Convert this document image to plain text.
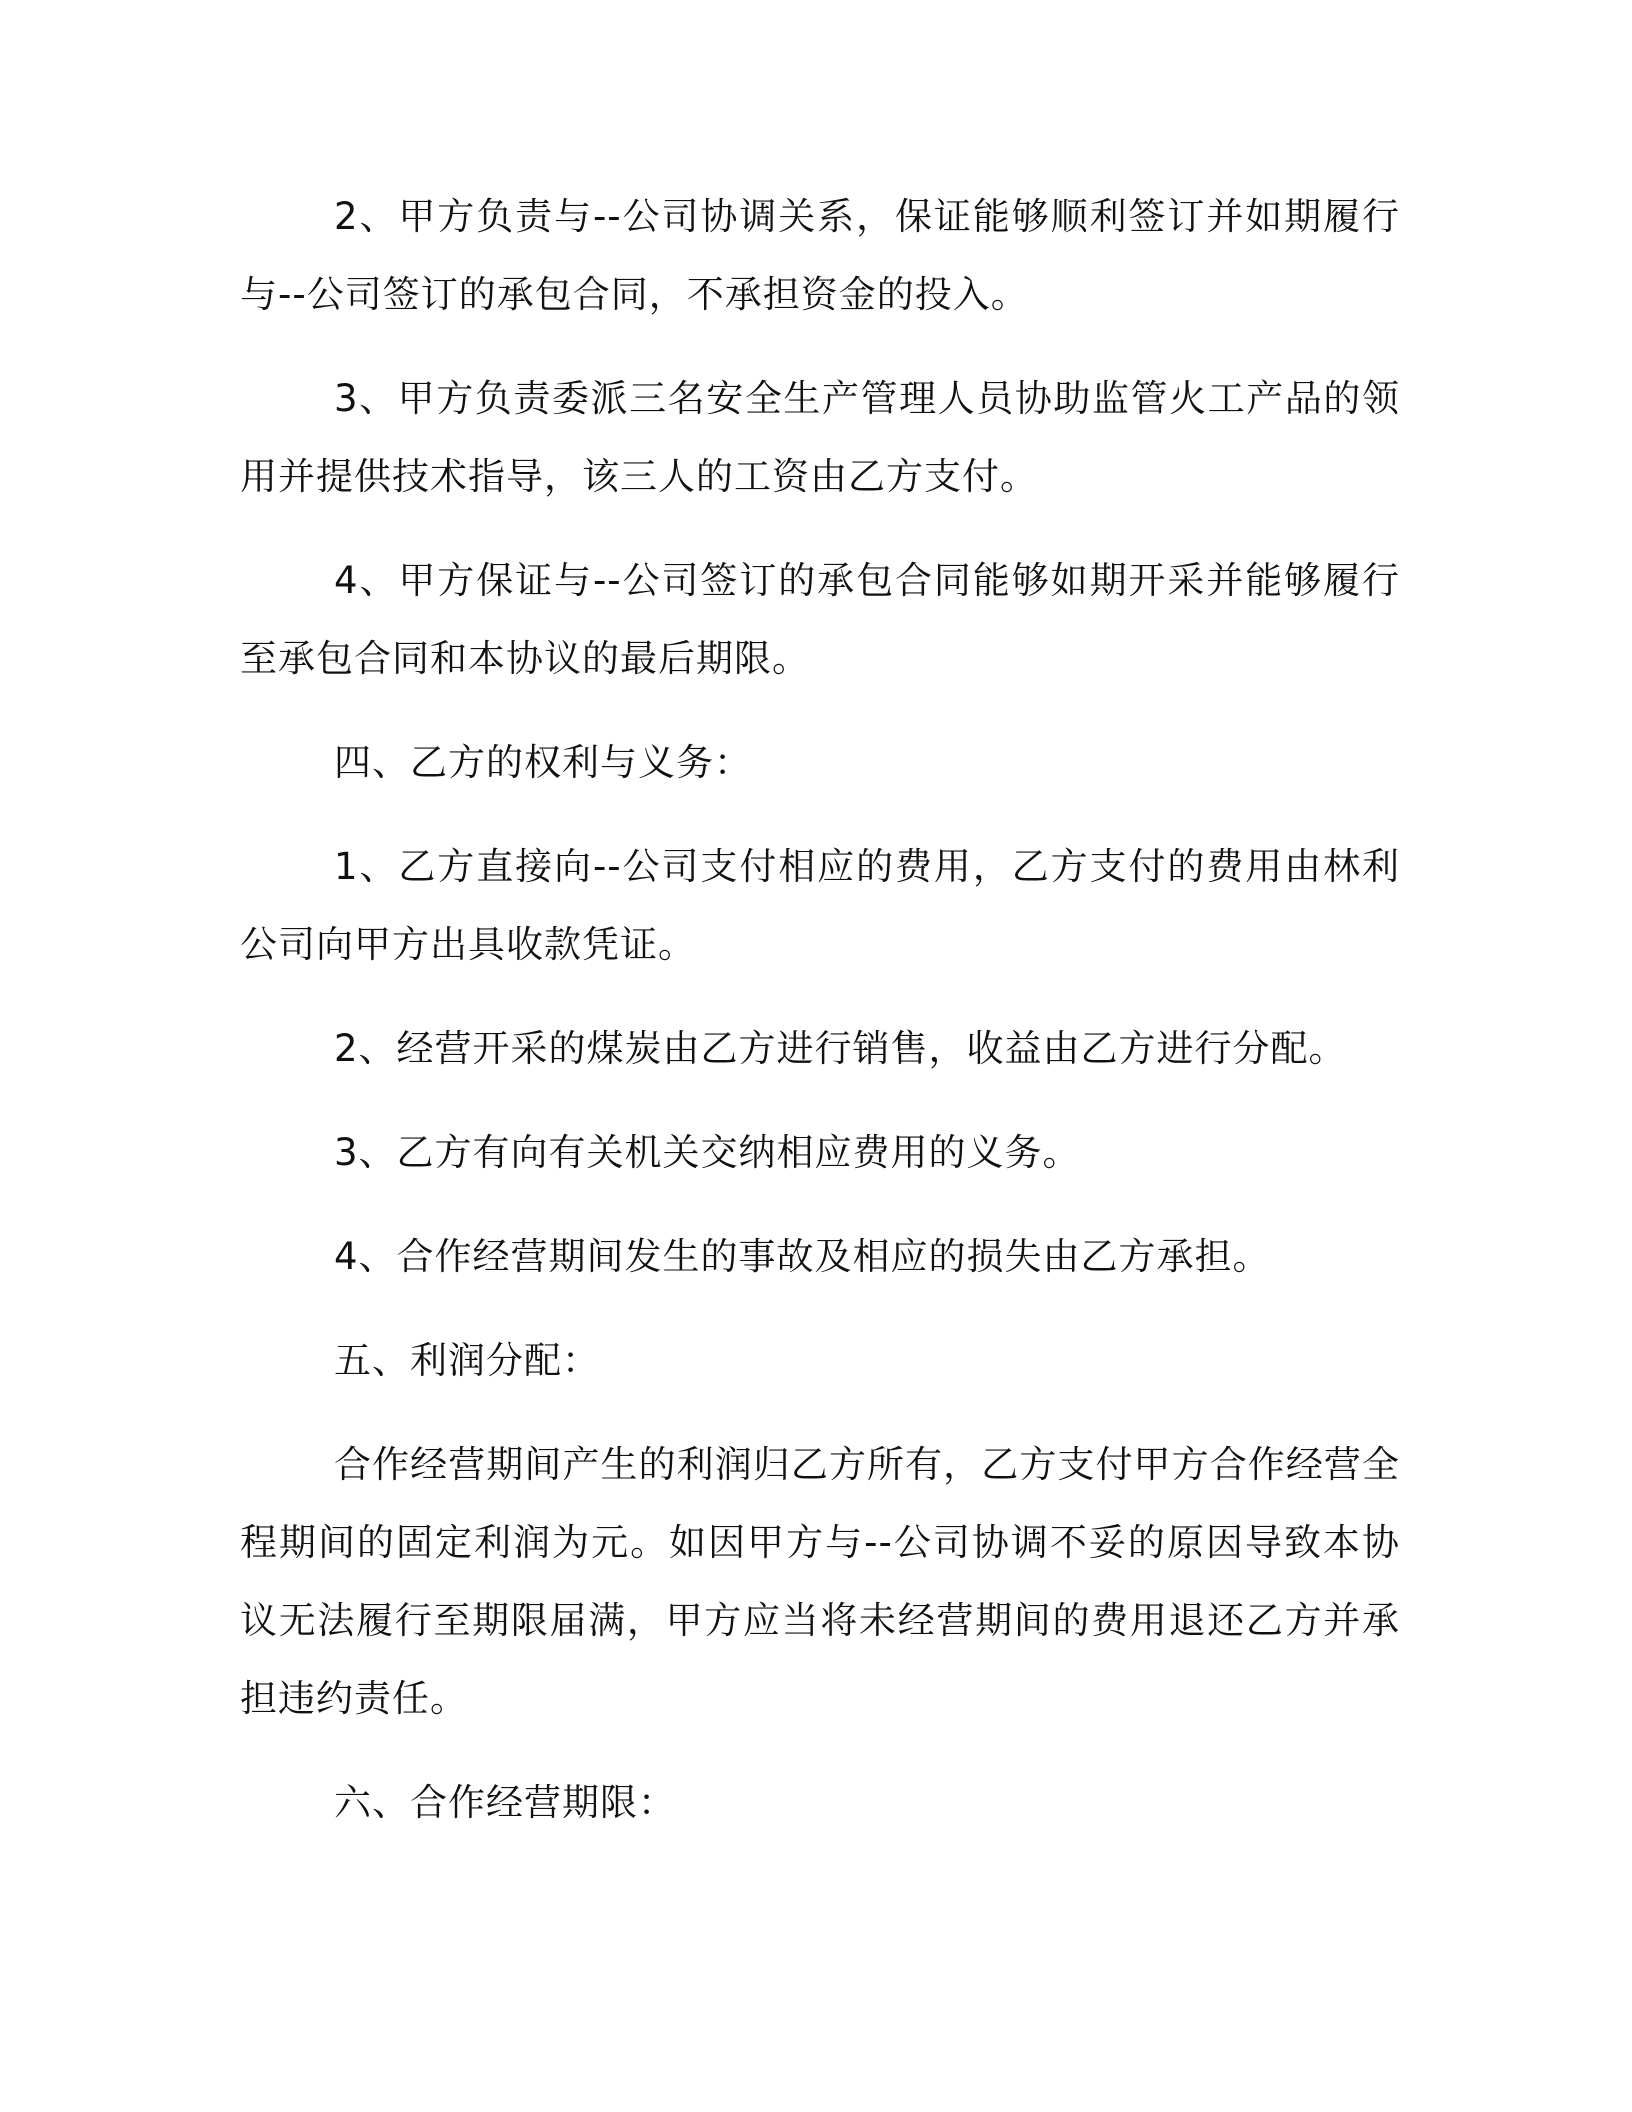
2、甲方负责与--公司协调关系，保证能够顺利签订并如期履行与--公司签订的承包合同，不承担资金的投入。

3、甲方负责委派三名安全生产管理人员协助监管火工产品的领用并提供技术指导，该三人的工资由乙方支付。

4、甲方保证与--公司签订的承包合同能够如期开采并能够履行至承包合同和本协议的最后期限。

四、乙方的权利与义务：

1、乙方直接向--公司支付相应的费用，乙方支付的费用由林利公司向甲方出具收款凭证。

2、经营开采的煤炭由乙方进行销售，收益由乙方进行分配。

3、乙方有向有关机关交纳相应费用的义务。

4、合作经营期间发生的事故及相应的损失由乙方承担。

五、利润分配：

合作经营期间产生的利润归乙方所有，乙方支付甲方合作经营全程期间的固定利润为元。如因甲方与--公司协调不妥的原因导致本协议无法履行至期限届满，甲方应当将未经营期间的费用退还乙方并承担违约责任。

六、合作经营期限：
